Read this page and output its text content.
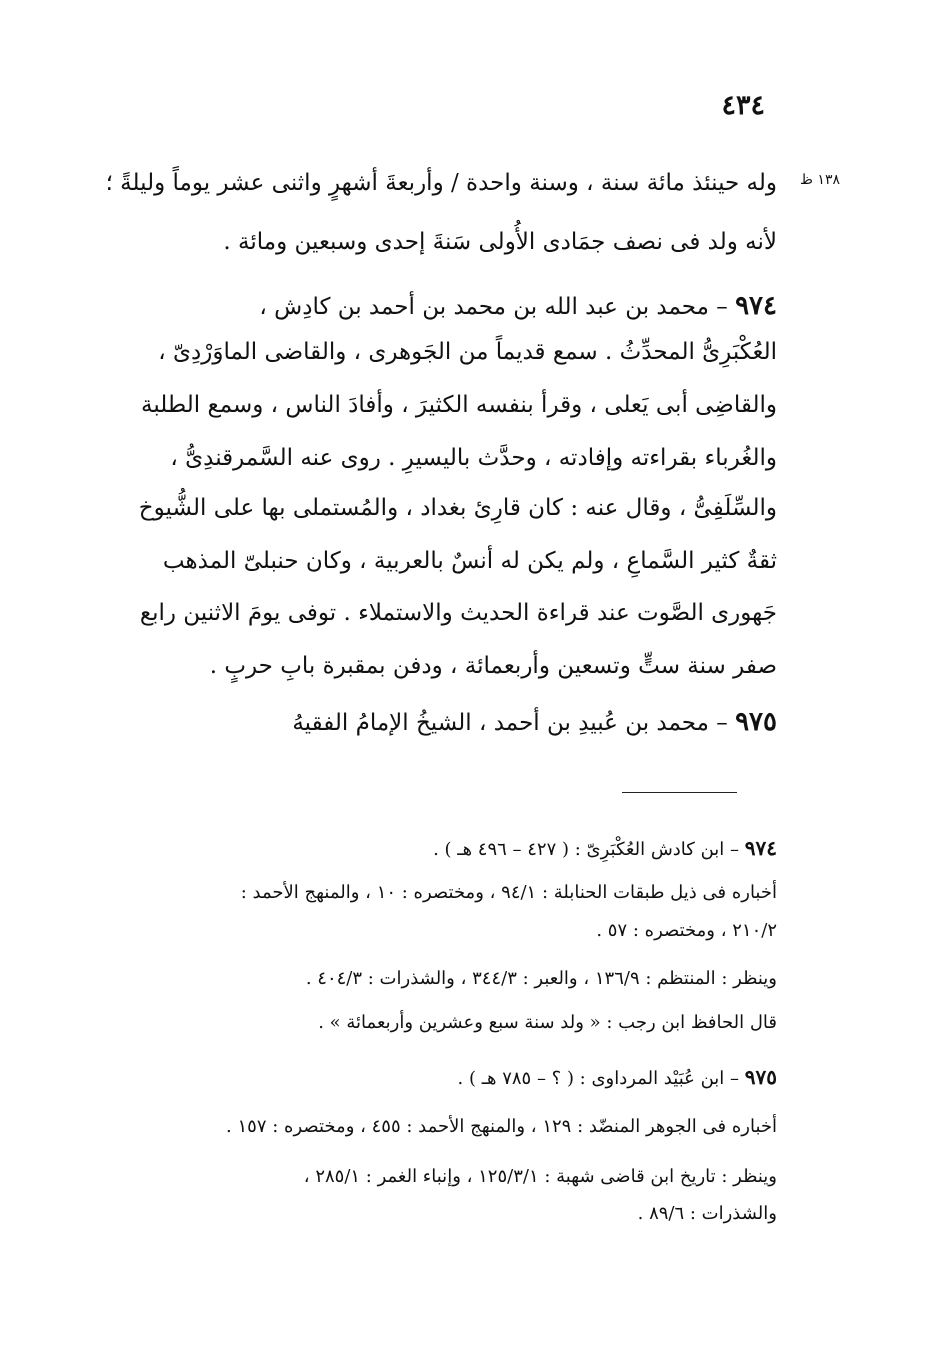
٤٣٤
١٣٨ ظ
وله حينئذ مائة سنة ، وسنة واحدة / وأربعةَ أشهرٍ واثنى عشر يوماً وليلةً ؛
لأنه ولد فى نصف جمَادى الأُولى سَنةَ إحدى وسبعين ومائة .
٩٧٤ – محمد بن عبد الله بن محمد بن أحمد بن كادِش ،
العُكْبَرِىُّ المحدِّثُ . سمع قديماً من الجَوهرى ، والقاضى الماوَرْدِىّ ،
والقاضِى أبى يَعلى ، وقرأ بنفسه الكثيرَ ، وأفادَ الناس ، وسمع الطلبة
والغُرباء بقراءته وإفادته ، وحدَّث باليسيرِ . روى عنه السَّمرقندِىُّ ،
والسِّلَفِىُّ ، وقال عنه : كان قارِئ بغداد ، والمُستملى بها على الشُّيوخ
ثقةٌ كثير السَّماعِ ، ولم يكن له أنسٌ بالعربية ، وكان حنبلىّ المذهب
جَهورى الصَّوت عند قراءة الحديث والاستملاء . توفى يومَ الاثنين رابع
صفر سنة ستٍّ وتسعين وأربعمائة ، ودفن بمقبرة بابِ حربٍ .
٩٧٥ – محمد بن عُبيدِ بن أحمد ، الشيخُ الإمامُ الفقيهُ
٩٧٤ – ابن كادش العُكْبَرِىّ : ( ٤٢٧ – ٤٩٦ هـ ) .
أخباره فى ذيل طبقات الحنابلة : ٩٤/١ ، ومختصره : ١٠ ، والمنهج الأحمد :
٢١٠/٢ ، ومختصره : ٥٧ .
وينظر : المنتظم : ١٣٦/٩ ، والعبر : ٣٤٤/٣ ، والشذرات : ٤٠٤/٣ .
قال الحافظ ابن رجب : « ولد سنة سبع وعشرين وأربعمائة » .
٩٧٥ – ابن عُبَيْد المرداوى : ( ؟ – ٧٨٥ هـ ) .
أخباره فى الجوهر المنضّد : ١٢٩ ، والمنهج الأحمد : ٤٥٥ ، ومختصره : ١٥٧ .
وينظر : تاريخ ابن قاضى شهبة : ١٢٥/٣/١ ، وإنباء الغمر : ٢٨٥/١ ،
والشذرات : ٨٩/٦ .
